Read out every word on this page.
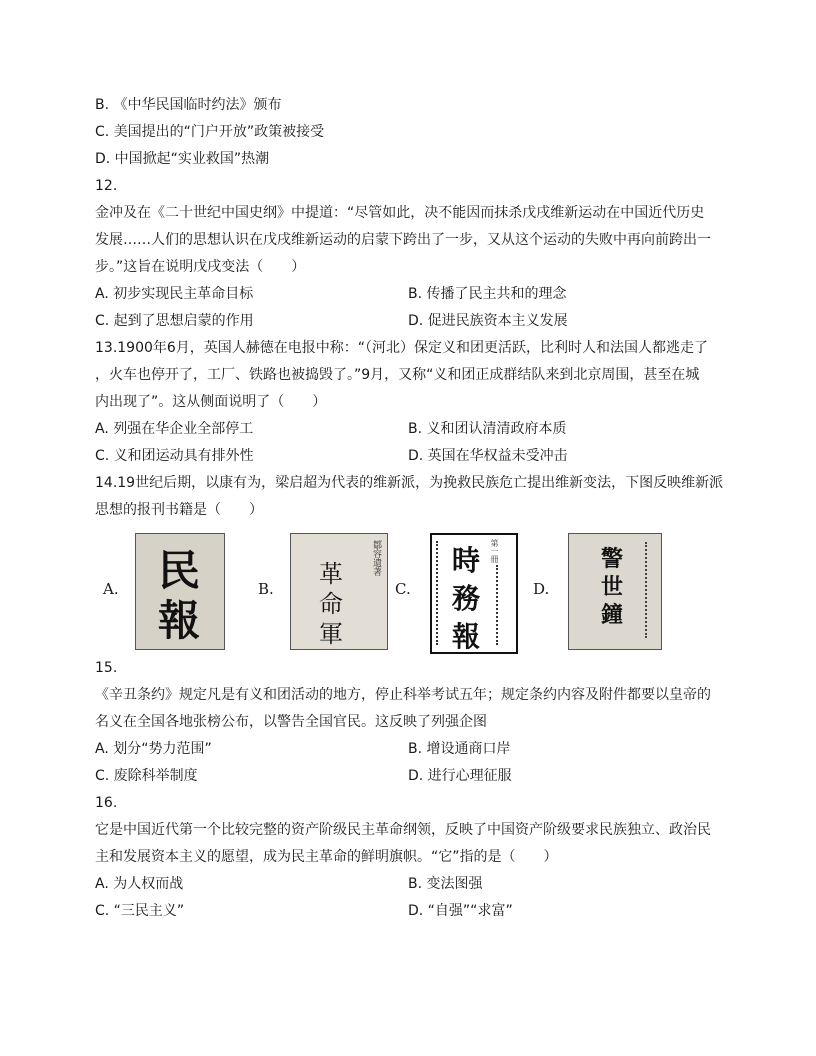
B. 《中华民国临时约法》颁布
C. 美国提出的“门户开放”政策被接受
D. 中国掀起“实业救国”热潮
12.
金冲及在《二十世纪中国史纲》中提道：“尽管如此，决不能因而抹杀戊戌维新运动在中国近代历史
发展……人们的思想认识在戊戌维新运动的启蒙下跨出了一步，又从这个运动的失败中再向前跨出一
步。”这旨在说明戊戌变法（　　）
A. 初步实现民主革命目标	B. 传播了民主共和的理念
C. 起到了思想启蒙的作用	D. 促进民族资本主义发展
13.1900年6月，英国人赫德在电报中称：“（河北）保定义和团更活跃，比利时人和法国人都逃走了
，火车也停开了，工厂、铁路也被捣毁了。”9月，又称“义和团正成群结队来到北京周围，甚至在城
内出现了”。这从侧面说明了（　　）
A. 列强在华企业全部停工	B. 义和团认清清政府本质
C. 义和团运动具有排外性	D. 英国在华权益未受冲击
14.19世纪后期，以康有为，梁启超为代表的维新派，为挽救民族危亡提出维新变法，下图反映维新派
思想的报刊书籍是（　　）
A. 民
報
B.
鄒容遺著
革
命
軍
C.
第一冊
時
務
報
D.
警
世
鐘
15.
《辛丑条约》规定凡是有义和团活动的地方，停止科举考试五年；规定条约内容及附件都要以皇帝的
名义在全国各地张榜公布，以警告全国官民。这反映了列强企图
A. 划分“势力范围”	B. 增设通商口岸
C. 废除科举制度	D. 进行心理征服
16.
它是中国近代第一个比较完整的资产阶级民主革命纲领，反映了中国资产阶级要求民族独立、政治民
主和发展资本主义的愿望，成为民主革命的鲜明旗帜。“它”指的是（　　）
A. 为人权而战	B. 变法图强
C. “三民主义”	D. “自强”“求富”
